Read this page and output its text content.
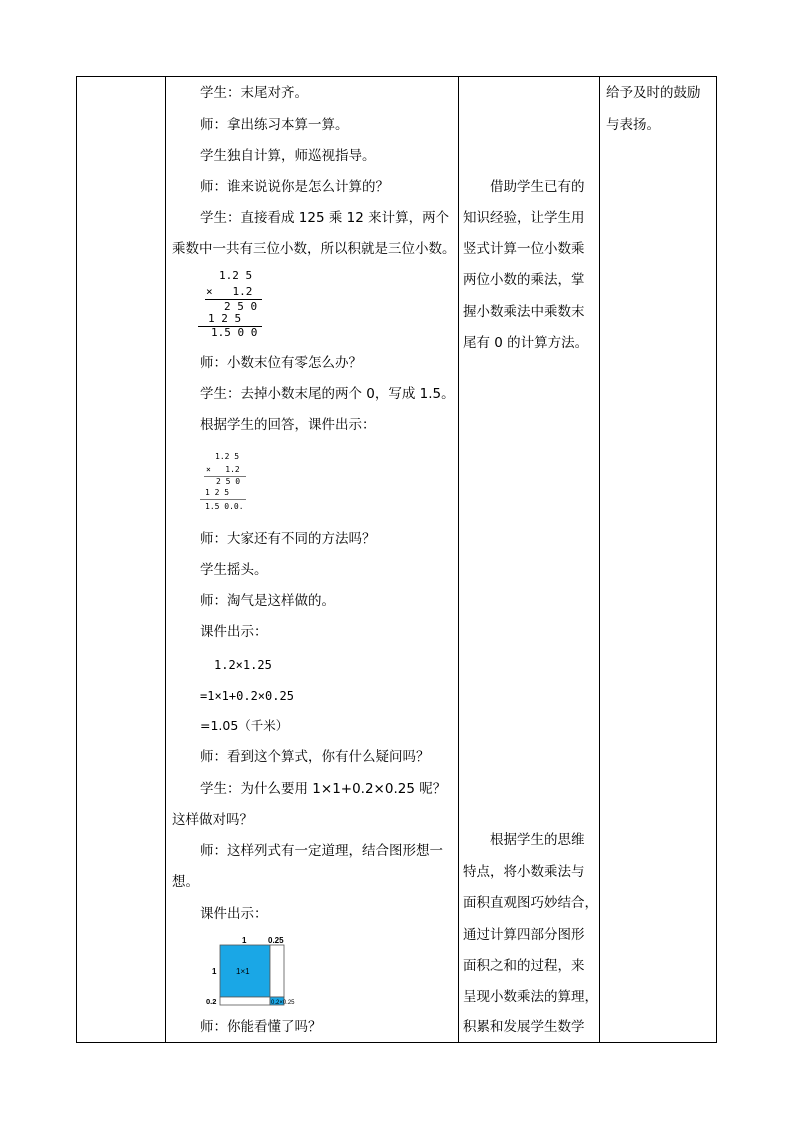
学生：末尾对齐。
师：拿出练习本算一算。
学生独自计算，师巡视指导。
师：谁来说说你是怎么计算的？
学生：直接看成 125 乘 12 来计算，两个
乘数中一共有三位小数，所以积就是三位小数。
1.2 5
×   1.2
2 5 0
1 2 5
1.5 0 0
师：小数末位有零怎么办？
学生：去掉小数末尾的两个 0，写成 1.5。
根据学生的回答，课件出示：
1.2 5
×   1.2
2 5 0
1 2 5
1.5 0.0.
师：大家还有不同的方法吗？
学生摇头。
师：淘气是这样做的。
课件出示：
1.2×1.25
=1×1+0.2×0.25
=1.05（千米）
师：看到这个算式，你有什么疑问吗？
学生：为什么要用 1×1+0.2×0.25 呢？
这样做对吗？
师：这样列式有一定道理，结合图形想一
想。
课件出示：
1	0.25
1
0.2
1×1
0.2×0.25
师：你能看懂了吗？
借助学生已有的
知识经验，让学生用
竖式计算一位小数乘
两位小数的乘法，掌
握小数乘法中乘数末
尾有 0 的计算方法。
根据学生的思维
特点，将小数乘法与
面积直观图巧妙结合，
通过计算四部分图形
面积之和的过程，来
呈现小数乘法的算理，
积累和发展学生数学
给予及时的鼓励
与表扬。
